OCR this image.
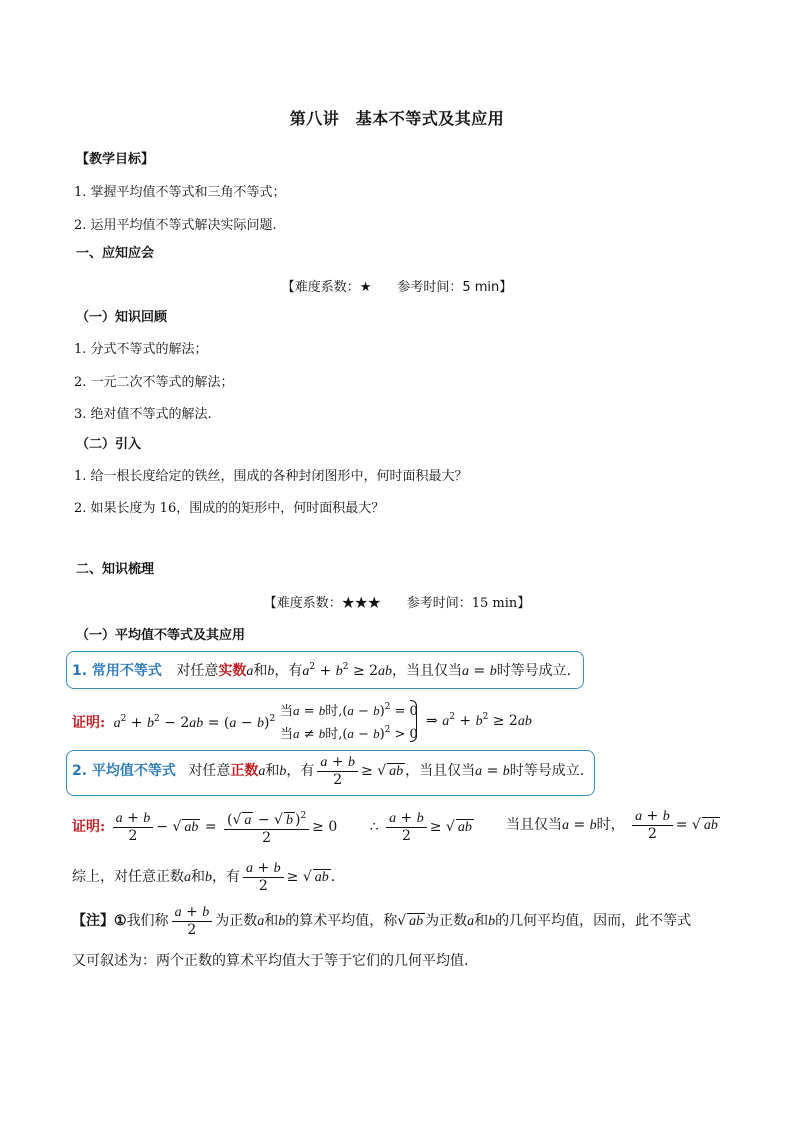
第八讲　基本不等式及其应用
【教学目标】
1. 掌握平均值不等式和三角不等式；
2. 运用平均值不等式解决实际问题.
一、应知应会
【难度系数：★　　参考时间：5 min】
（一）知识回顾
1. 分式不等式的解法；
2. 一元二次不等式的解法；
3. 绝对值不等式的解法.
（二）引入
1. 给一根长度给定的铁丝，围成的各种封闭图形中，何时面积最大？
2. 如果长度为 16，围成的的矩形中，何时面积最大？
二、知识梳理
【难度系数：★★★　　参考时间：15 min】
（一）平均值不等式及其应用
1. 常用不等式 对任意实数a和b，有$a^2 + b^2 \ge 2ab$，当且仅当a = b时等号成立.
证明: $a^2 + b^2 - 2ab = (a - b)^2$ 当a = b时$,(a - b)^2 = 0$
当a ≠ b时$,(a - b)^2 > 0$
⇒ $a^2 + b^2 \ge 2ab$
2. 平均值不等式 对任意正数a和b，有 $\frac{a + b}{2}$ ≥ √ ab ，当且仅当a = b时等号成立.
证明: $\frac{a + b}{2}$ − √ ab = $\frac{(√ a - √ b )^2}{2} \ge 0$ ∴ $\frac{a + b}{2}$ ≥ √ ab 当且仅当a = b时， $\frac{a + b}{2}$ = √ ab
综上，对任意正数a和b，有 $\frac{a + b}{2}$ ≥ √ ab .
【注】①我们称 $\frac{a + b}{2}$ 为正数a和b的算术平均值，称√ ab 为正数a和b的几何平均值，因而，此不等式
又可叙述为：两个正数的算术平均值大于等于它们的几何平均值.
